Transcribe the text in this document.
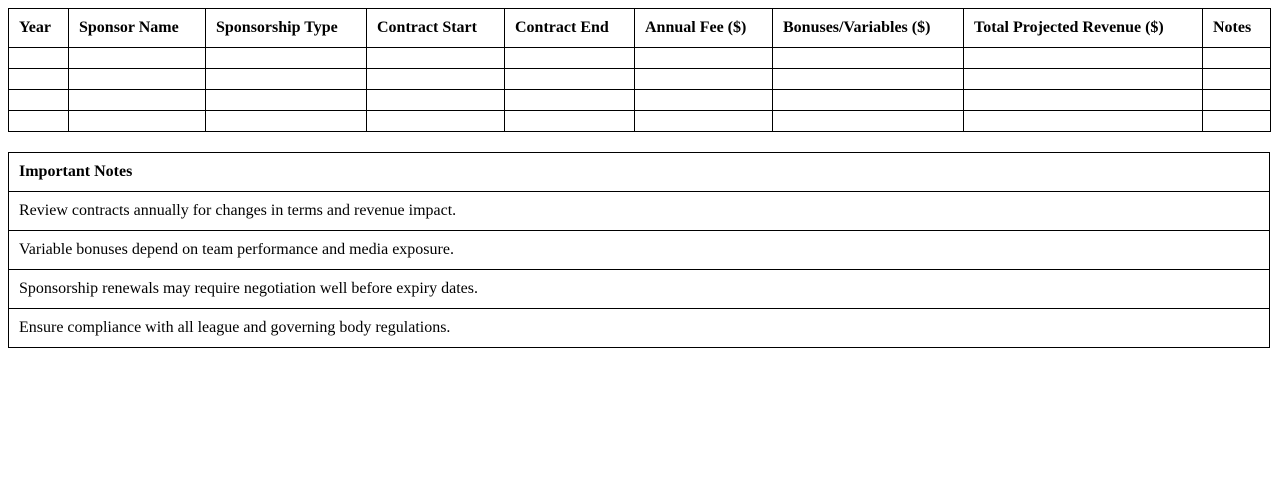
Year	Sponsor Name	Sponsorship Type	Contract Start	Contract End	Annual Fee ($)	Bonuses/Variables ($)	Total Projected Revenue ($)	Notes

Important Notes
Review contracts annually for changes in terms and revenue impact.
Variable bonuses depend on team performance and media exposure.
Sponsorship renewals may require negotiation well before expiry dates.
Ensure compliance with all league and governing body regulations.
